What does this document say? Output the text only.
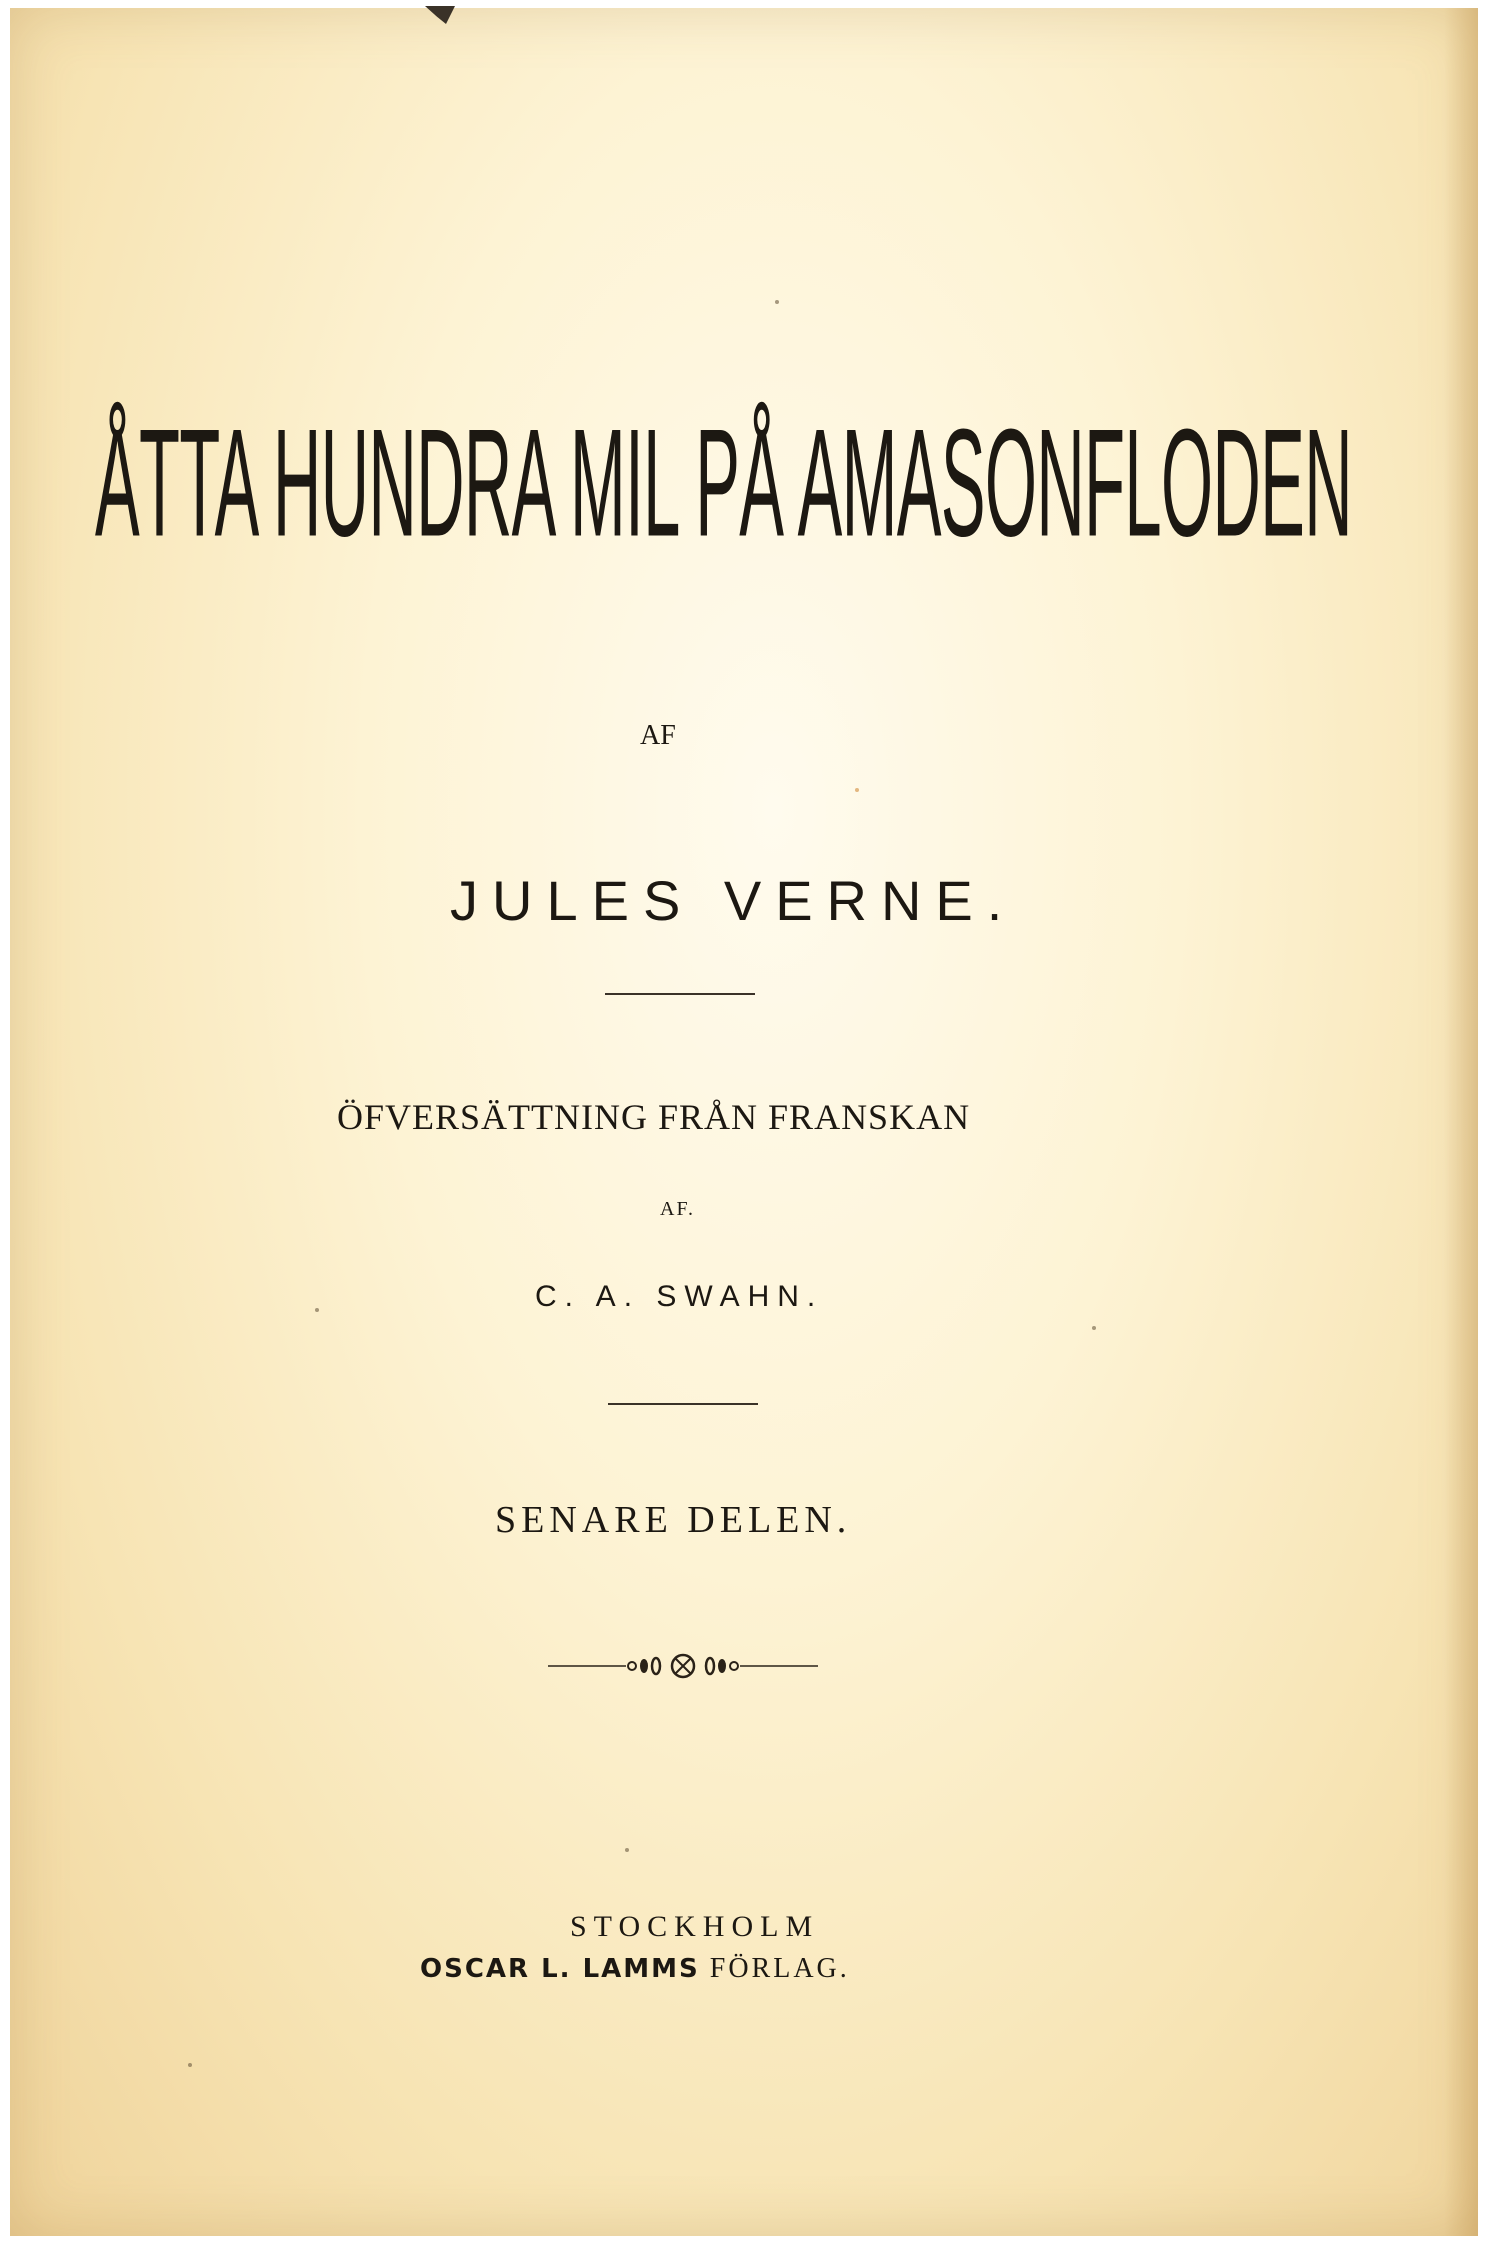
ÅTTA HUNDRA MIL PÅ AMASONFLODEN
AF
JULES VERNE.
ÖFVERSÄTTNING FRÅN FRANSKAN
AF.
C. A. SWAHN.
SENARE DELEN.
STOCKHOLM
OSCAR L. LAMMS FÖRLAG.
